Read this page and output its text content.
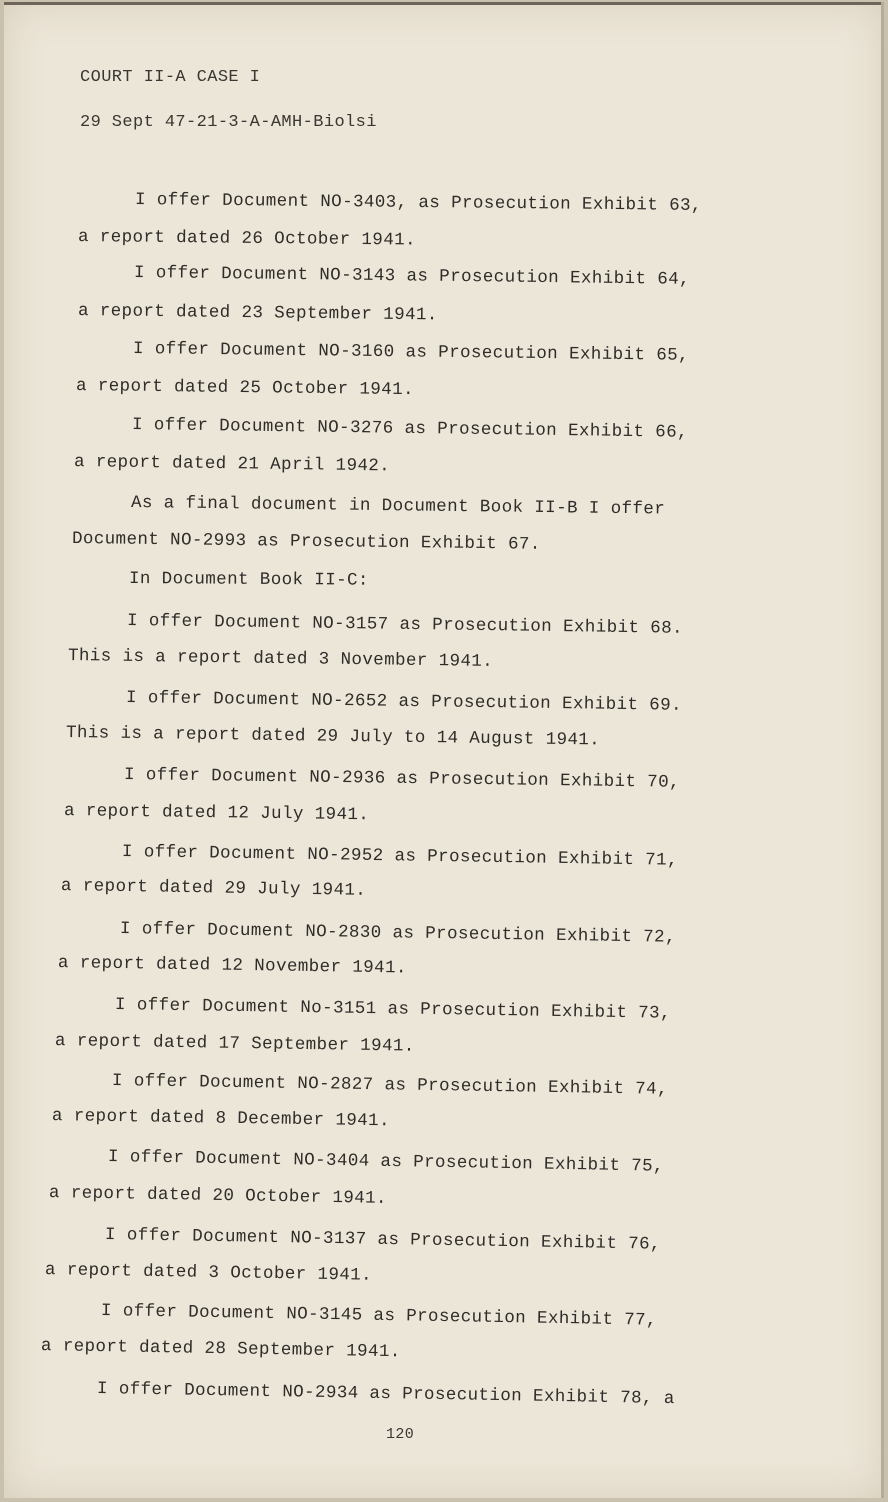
COURT II-A CASE I
29 Sept 47-21-3-A-AMH-Biolsi
I offer Document NO-3403, as Prosecution Exhibit 63,
a report dated 26 October 1941.
I offer Document NO-3143 as Prosecution Exhibit 64,
a report dated 23 September 1941.
I offer Document NO-3160 as Prosecution Exhibit 65,
a report dated 25 October 1941.
I offer Document NO-3276 as Prosecution Exhibit 66,
a report dated 21 April 1942.
As a final document in Document Book II-B I offer
Document NO-2993 as Prosecution Exhibit 67.
In Document Book II-C:
I offer Document NO-3157 as Prosecution Exhibit 68.
This is a report dated 3 November 1941.
I offer Document NO-2652 as Prosecution Exhibit 69.
This is a report dated 29 July to 14 August 1941.
I offer Document NO-2936 as Prosecution Exhibit 70,
a report dated 12 July 1941.
I offer Document NO-2952 as Prosecution Exhibit 71,
a report dated 29 July 1941.
I offer Document NO-2830 as Prosecution Exhibit 72,
a report dated 12 November 1941.
I offer Document No-3151 as Prosecution Exhibit 73,
a report dated 17 September 1941.
I offer Document NO-2827 as Prosecution Exhibit 74,
a report dated 8 December 1941.
I offer Document NO-3404 as Prosecution Exhibit 75,
a report dated 20 October 1941.
I offer Document NO-3137 as Prosecution Exhibit 76,
a report dated 3 October 1941.
I offer Document NO-3145 as Prosecution Exhibit 77,
a report dated 28 September 1941.
I offer Document NO-2934 as Prosecution Exhibit 78, a
120
